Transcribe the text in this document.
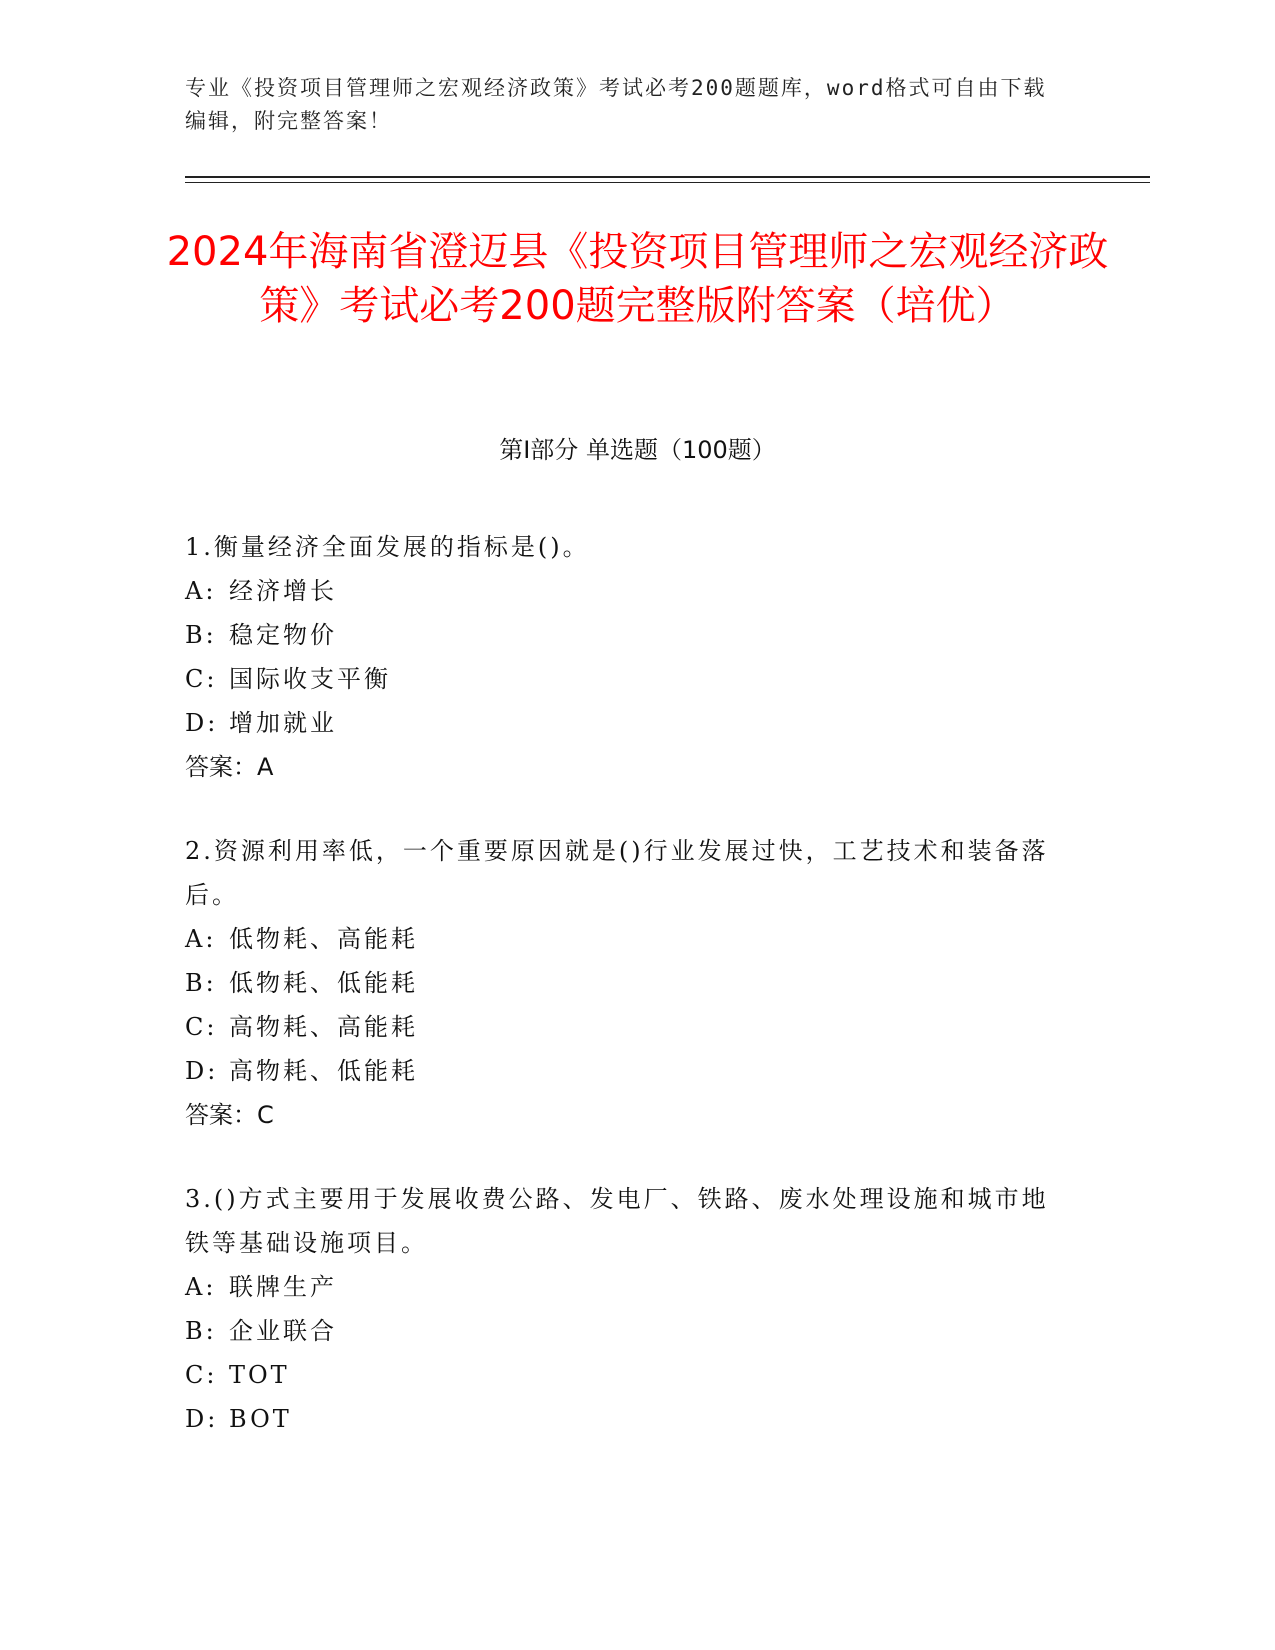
专业《投资项目管理师之宏观经济政策》考试必考200题题库，word格式可自由下载编辑，附完整答案！
2024年海南省澄迈县《投资项目管理师之宏观经济政策》考试必考200题完整版附答案（培优）
第Ⅰ部分 单选题（100题）
1.衡量经济全面发展的指标是()。
A: 经济增长
B: 稳定物价
C: 国际收支平衡
D: 增加就业
答案：A
2.资源利用率低，一个重要原因就是()行业发展过快，工艺技术和装备落后。
A: 低物耗、高能耗
B: 低物耗、低能耗
C: 高物耗、高能耗
D: 高物耗、低能耗
答案：C
3.()方式主要用于发展收费公路、发电厂、铁路、废水处理设施和城市地铁等基础设施项目。
A: 联牌生产
B: 企业联合
C: TOT
D: BOT
